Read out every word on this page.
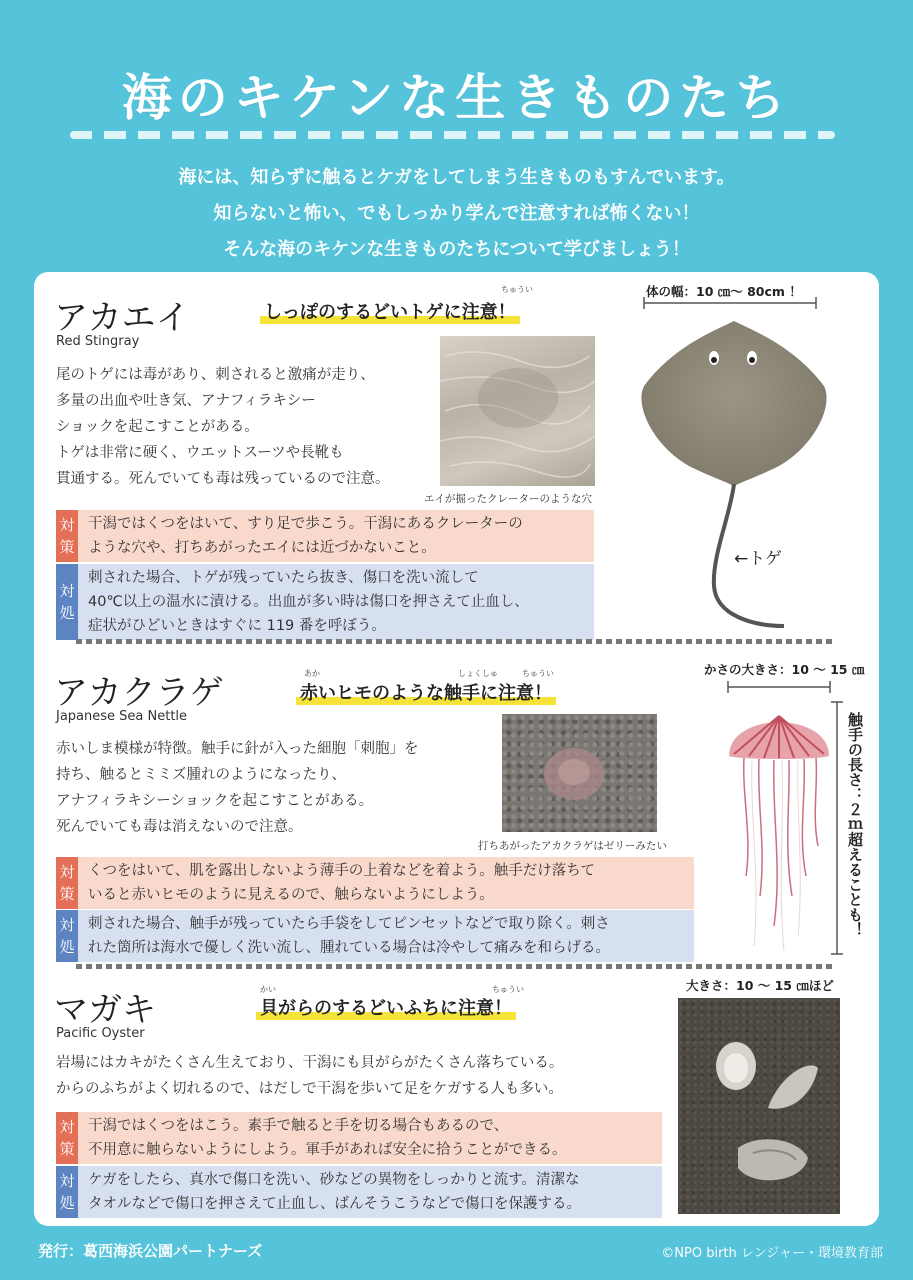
海のキケンな生きものたち
海には、知らずに触るとケガをしてしまう生きものもすんでいます。
知らないと怖い、でもしっかり学んで注意すれば怖くない！
そんな海のキケンな生きものたちについて学びましょう！
アカエイ
Red Stingray
ちゅうい
しっぽのするどいトゲに注意！
尾のトゲには毒があり、刺されると激痛が走り、
多量の出血や吐き気、アナフィラキシー
ショックを起こすことがある。
トゲは非常に硬く、ウエットスーツや長靴も
貫通する。死んでいても毒は残っているので注意。
エイが掘ったクレーターのような穴
体の幅：10 ㎝〜 80cm ！
←トゲ
対
策
干潟ではくつをはいて、すり足で歩こう。干潟にあるクレーターの
ような穴や、打ちあがったエイには近づかないこと。
対
処
刺された場合、トゲが残っていたら抜き、傷口を洗い流して
40℃以上の温水に漬ける。出血が多い時は傷口を押さえて止血し、
症状がひどいときはすぐに 119 番を呼ぼう。
アカクラゲ
Japanese Sea Nettle
あか	しょくしゅ	ちゅうい
赤いヒモのような触手に注意！
赤いしま模様が特徴。触手に針が入った細胞「刺胞」を
持ち、触るとミミズ腫れのようになったり、
アナフィラキシーショックを起こすことがある。
死んでいても毒は消えないので注意。
打ちあがったアカクラゲはゼリーみたい
かさの大きさ：10 〜 15 ㎝
触手の長さ：２ｍ超えることも！
対
策
くつをはいて、肌を露出しないよう薄手の上着などを着よう。触手だけ落ちて
いると赤いヒモのように見えるので、触らないようにしよう。
対
処
刺された場合、触手が残っていたら手袋をしてピンセットなどで取り除く。刺さ
れた箇所は海水で優しく洗い流し、腫れている場合は冷やして痛みを和らげる。
マガキ
Pacific Oyster
かい	ちゅうい
貝がらのするどいふちに注意！
岩場にはカキがたくさん生えており、干潟にも貝がらがたくさん落ちている。
からのふちがよく切れるので、はだしで干潟を歩いて足をケガする人も多い。
大きさ：10 〜 15 ㎝ほど
対
策
干潟ではくつをはこう。素手で触ると手を切る場合もあるので、
不用意に触らないようにしよう。軍手があれば安全に拾うことができる。
対
処
ケガをしたら、真水で傷口を洗い、砂などの異物をしっかりと流す。清潔な
タオルなどで傷口を押さえて止血し、ばんそうこうなどで傷口を保護する。
発行：葛西海浜公園パートナーズ	©NPO birth レンジャー・環境教育部
